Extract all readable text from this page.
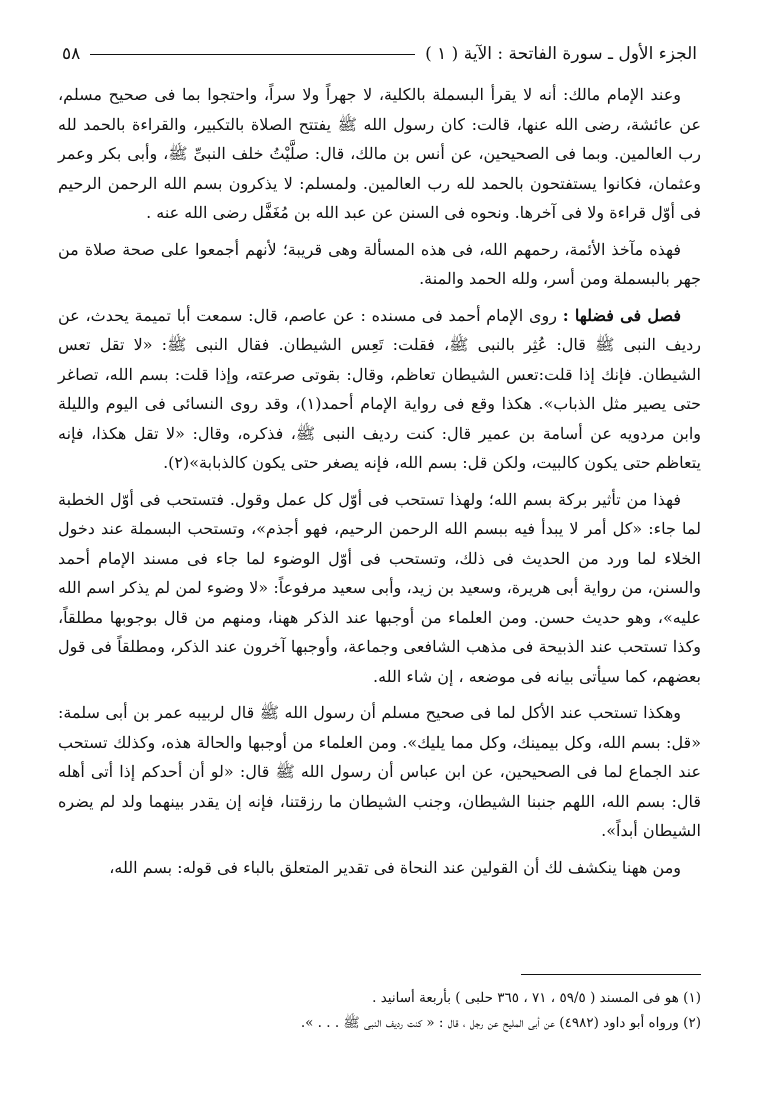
الجزء الأول ـ سورة الفاتحة : الآية ( ١ )
٥٨

وعند الإمام مالك: أنه لا يقرأ البسملة بالكلية، لا جهراً ولا سراً، واحتجوا بما فى صحيح مسلم، عن عائشة، رضى الله عنها، قالت: كان رسول الله ﷺ يفتتح الصلاة بالتكبير، والقراءة بالحمد لله رب العالمين. وبما فى الصحيحين، عن أنس بن مالك، قال: صلَّيْتُ خلف النبىِّ ﷺ، وأبى بكر وعمر وعثمان، فكانوا يستفتحون بالحمد لله رب العالمين. ولمسلم: لا يذكرون بسم الله الرحمن الرحيم فى أوّل قراءة ولا فى آخرها. ونحوه فى السنن عن عبد الله بن مُغَفَّل رضى الله عنه .

فهذه مآخذ الأئمة، رحمهم الله، فى هذه المسألة وهى قريبة؛ لأنهم أجمعوا على صحة صلاة من جهر بالبسملة ومن أسر، ولله الحمد والمنة.

فصل فى فضلها : روى الإمام أحمد فى مسنده : عن عاصم، قال: سمعت أبا تميمة يحدث، عن رديف النبى ﷺ قال: عُثِر بالنبى ﷺ، فقلت: تَعِس الشيطان. فقال النبى ﷺ: «لا تقل تعس الشيطان. فإنك إذا قلت:تعس الشيطان تعاظم، وقال: بقوتى صرعته، وإذا قلت: بسم الله، تصاغر حتى يصير مثل الذباب». هكذا وقع فى رواية الإمام أحمد(١)، وقد روى النسائى فى اليوم والليلة وابن مردويه عن أسامة بن عمير قال: كنت رديف النبى ﷺ، فذكره، وقال: «لا تقل هكذا، فإنه يتعاظم حتى يكون كالبيت، ولكن قل: بسم الله، فإنه يصغر حتى يكون كالذبابة»(٢).

فهذا من تأثير بركة بسم الله؛ ولهذا تستحب فى أوّل كل عمل وقول. فتستحب فى أوّل الخطبة لما جاء: «كل أمر لا يبدأ فيه ببسم الله الرحمن الرحيم، فهو أجذم»، وتستحب البسملة عند دخول الخلاء لما ورد من الحديث فى ذلك، وتستحب فى أوّل الوضوء لما جاء فى مسند الإمام أحمد والسنن، من رواية أبى هريرة، وسعيد بن زيد، وأبى سعيد مرفوعاً: «لا وضوء لمن لم يذكر اسم الله عليه»، وهو حديث حسن. ومن العلماء من أوجبها عند الذكر ههنا، ومنهم من قال بوجوبها مطلقاً، وكذا تستحب عند الذبيحة فى مذهب الشافعى وجماعة، وأوجبها آخرون عند الذكر، ومطلقاً فى قول بعضهم، كما سيأتى بيانه فى موضعه ، إن شاء الله.

وهكذا تستحب عند الأكل لما فى صحيح مسلم أن رسول الله ﷺ قال لربيبه عمر بن أبى سلمة: «قل: بسم الله، وكل بيمينك، وكل مما يليك». ومن العلماء من أوجبها والحالة هذه، وكذلك تستحب عند الجماع لما فى الصحيحين، عن ابن عباس أن رسول الله ﷺ قال: «لو أن أحدكم إذا أتى أهله قال: بسم الله، اللهم جنبنا الشيطان، وجنب الشيطان ما رزقتنا، فإنه إن يقدر بينهما ولد لم يضره الشيطان أبداً».

ومن ههنا ينكشف لك أن القولين عند النحاة فى تقدير المتعلق بالباء فى قوله: بسم الله،

(١) هو فى المسند ( ٥٩/٥ ، ٧١ ، ٣٦٥ حلبى ) بأربعة أسانيد .
(٢) ورواه أبو داود (٤٩٨٢) عن أبى المليح عن رجل ، قال : « كنت رديف النبى ﷺ . . . ».
